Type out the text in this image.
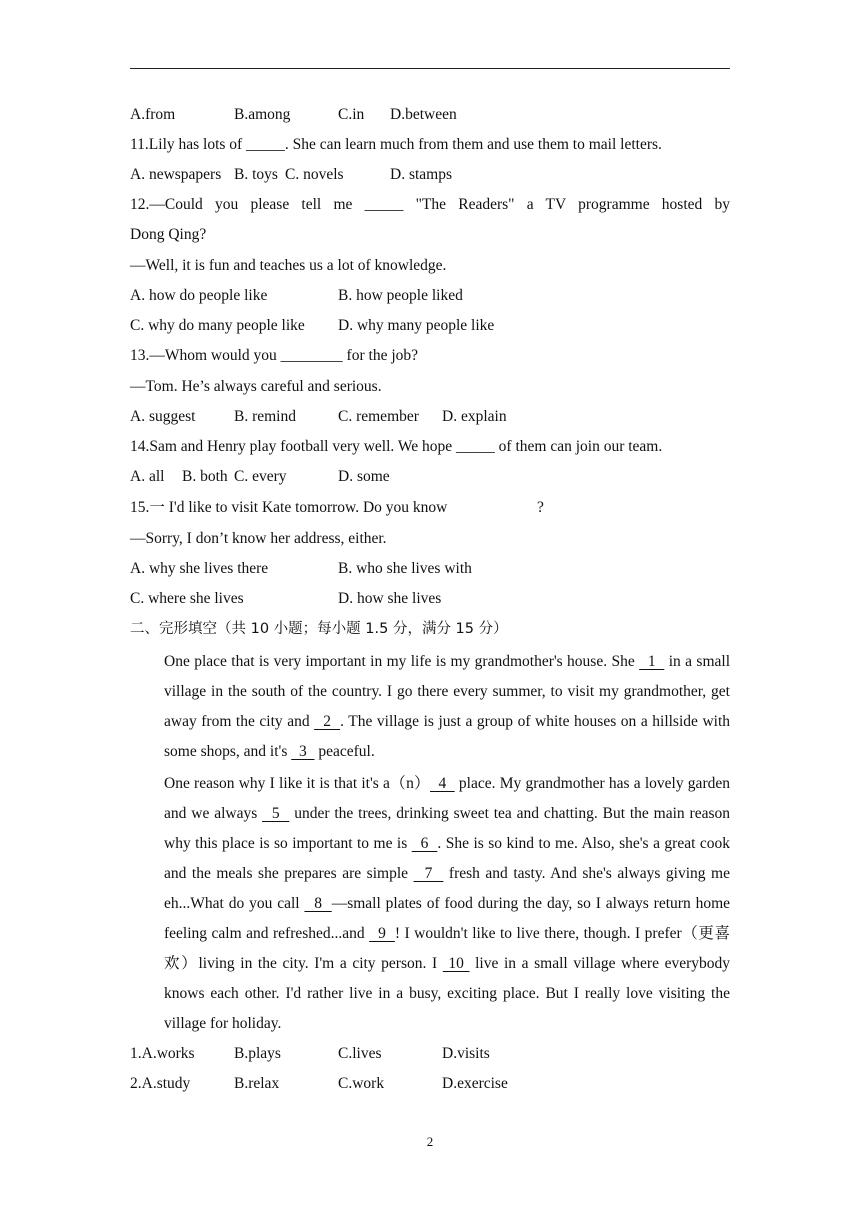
A.from	B.among	C.in D.between
11.Lily has lots of _____. She can learn much from them and use them to mail letters.
A. newspapers B. toys C. novels	D. stamps
12.—Could you please tell me _____ "The Readers" a TV programme hosted by
Dong Qing?
—Well, it is fun and teaches us a lot of knowledge.
A. how do people like	B. how people liked
C. why do many people like D. why many people like
13.—Whom would you ________ for the job?
—Tom. He’s always careful and serious.
A. suggest B. remind	C. remember D. explain
14.Sam and Henry play football very well. We hope _____ of them can join our team.
A. all B. both C. every	D. some
15.一 I'd like to visit Kate tomorrow. Do you know	?
—Sorry, I don’t know her address, either.
A. why she lives there	B. who she lives with
C. where she lives	D. how she lives
二、完形填空（共 10 小题；每小题 1.5 分，满分 15 分）
One place that is very important in my life is my grandmother's house. She   1   in a small village in the south of the country. I go there every summer, to visit my grandmother, get away from the city and   2  . The village is just a group of white houses on a hillside with some shops, and it's   3   peaceful.
One reason why I like it is that it's a（n）  4   place. My grandmother has a lovely garden and we always   5   under the trees, drinking sweet tea and chatting. But the main reason why this place is so important to me is   6  . She is so kind to me. Also, she's a great cook and the meals she prepares are simple   7   fresh and tasty. And she's always giving me eh...What do you call   8  —small plates of food during the day, so I always return home feeling calm and refreshed...and   9  ! I wouldn't like to live there, though. I prefer（更喜欢）living in the city. I'm a city person. I  10  live in a small village where everybody knows each other. I'd rather live in a busy, exciting place. But I really love visiting the village for holiday.
1.A.works	B.plays	C.lives	D.visits
2.A.study	B.relax	C.work	D.exercise
2
